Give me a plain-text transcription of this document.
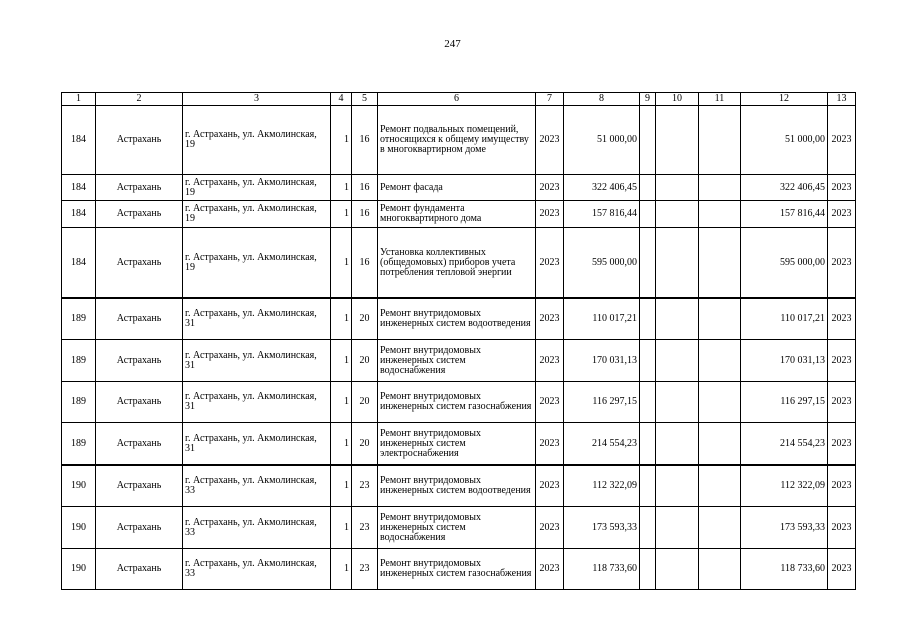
247
1	2	3	4	5	6	7	8	9	10	11	12	13
184	Астрахань	г. Астрахань, ул. Акмолинская, 19	1	16	Ремонт подвальных помещений, относящихся к общему имуществу в многоквартирном доме	2023	51 000,00				51 000,00	2023
184	Астрахань	г. Астрахань, ул. Акмолинская, 19	1	16	Ремонт фасада	2023	322 406,45				322 406,45	2023
184	Астрахань	г. Астрахань, ул. Акмолинская, 19	1	16	Ремонт фундамента многоквартирного дома	2023	157 816,44				157 816,44	2023
184	Астрахань	г. Астрахань, ул. Акмолинская, 19	1	16	Установка коллективных (общедомовых) приборов учета потребления тепловой энергии	2023	595 000,00				595 000,00	2023
189	Астрахань	г. Астрахань, ул. Акмолинская, 31	1	20	Ремонт внутридомовых инженерных систем водоотведения	2023	110 017,21				110 017,21	2023
189	Астрахань	г. Астрахань, ул. Акмолинская, 31	1	20	Ремонт внутридомовых инженерных систем водоснабжения	2023	170 031,13				170 031,13	2023
189	Астрахань	г. Астрахань, ул. Акмолинская, 31	1	20	Ремонт внутридомовых инженерных систем газоснабжения	2023	116 297,15				116 297,15	2023
189	Астрахань	г. Астрахань, ул. Акмолинская, 31	1	20	Ремонт внутридомовых инженерных систем электроснабжения	2023	214 554,23				214 554,23	2023
190	Астрахань	г. Астрахань, ул. Акмолинская, 33	1	23	Ремонт внутридомовых инженерных систем водоотведения	2023	112 322,09				112 322,09	2023
190	Астрахань	г. Астрахань, ул. Акмолинская, 33	1	23	Ремонт внутридомовых инженерных систем водоснабжения	2023	173 593,33				173 593,33	2023
190	Астрахань	г. Астрахань, ул. Акмолинская, 33	1	23	Ремонт внутридомовых инженерных систем газоснабжения	2023	118 733,60				118 733,60	2023
